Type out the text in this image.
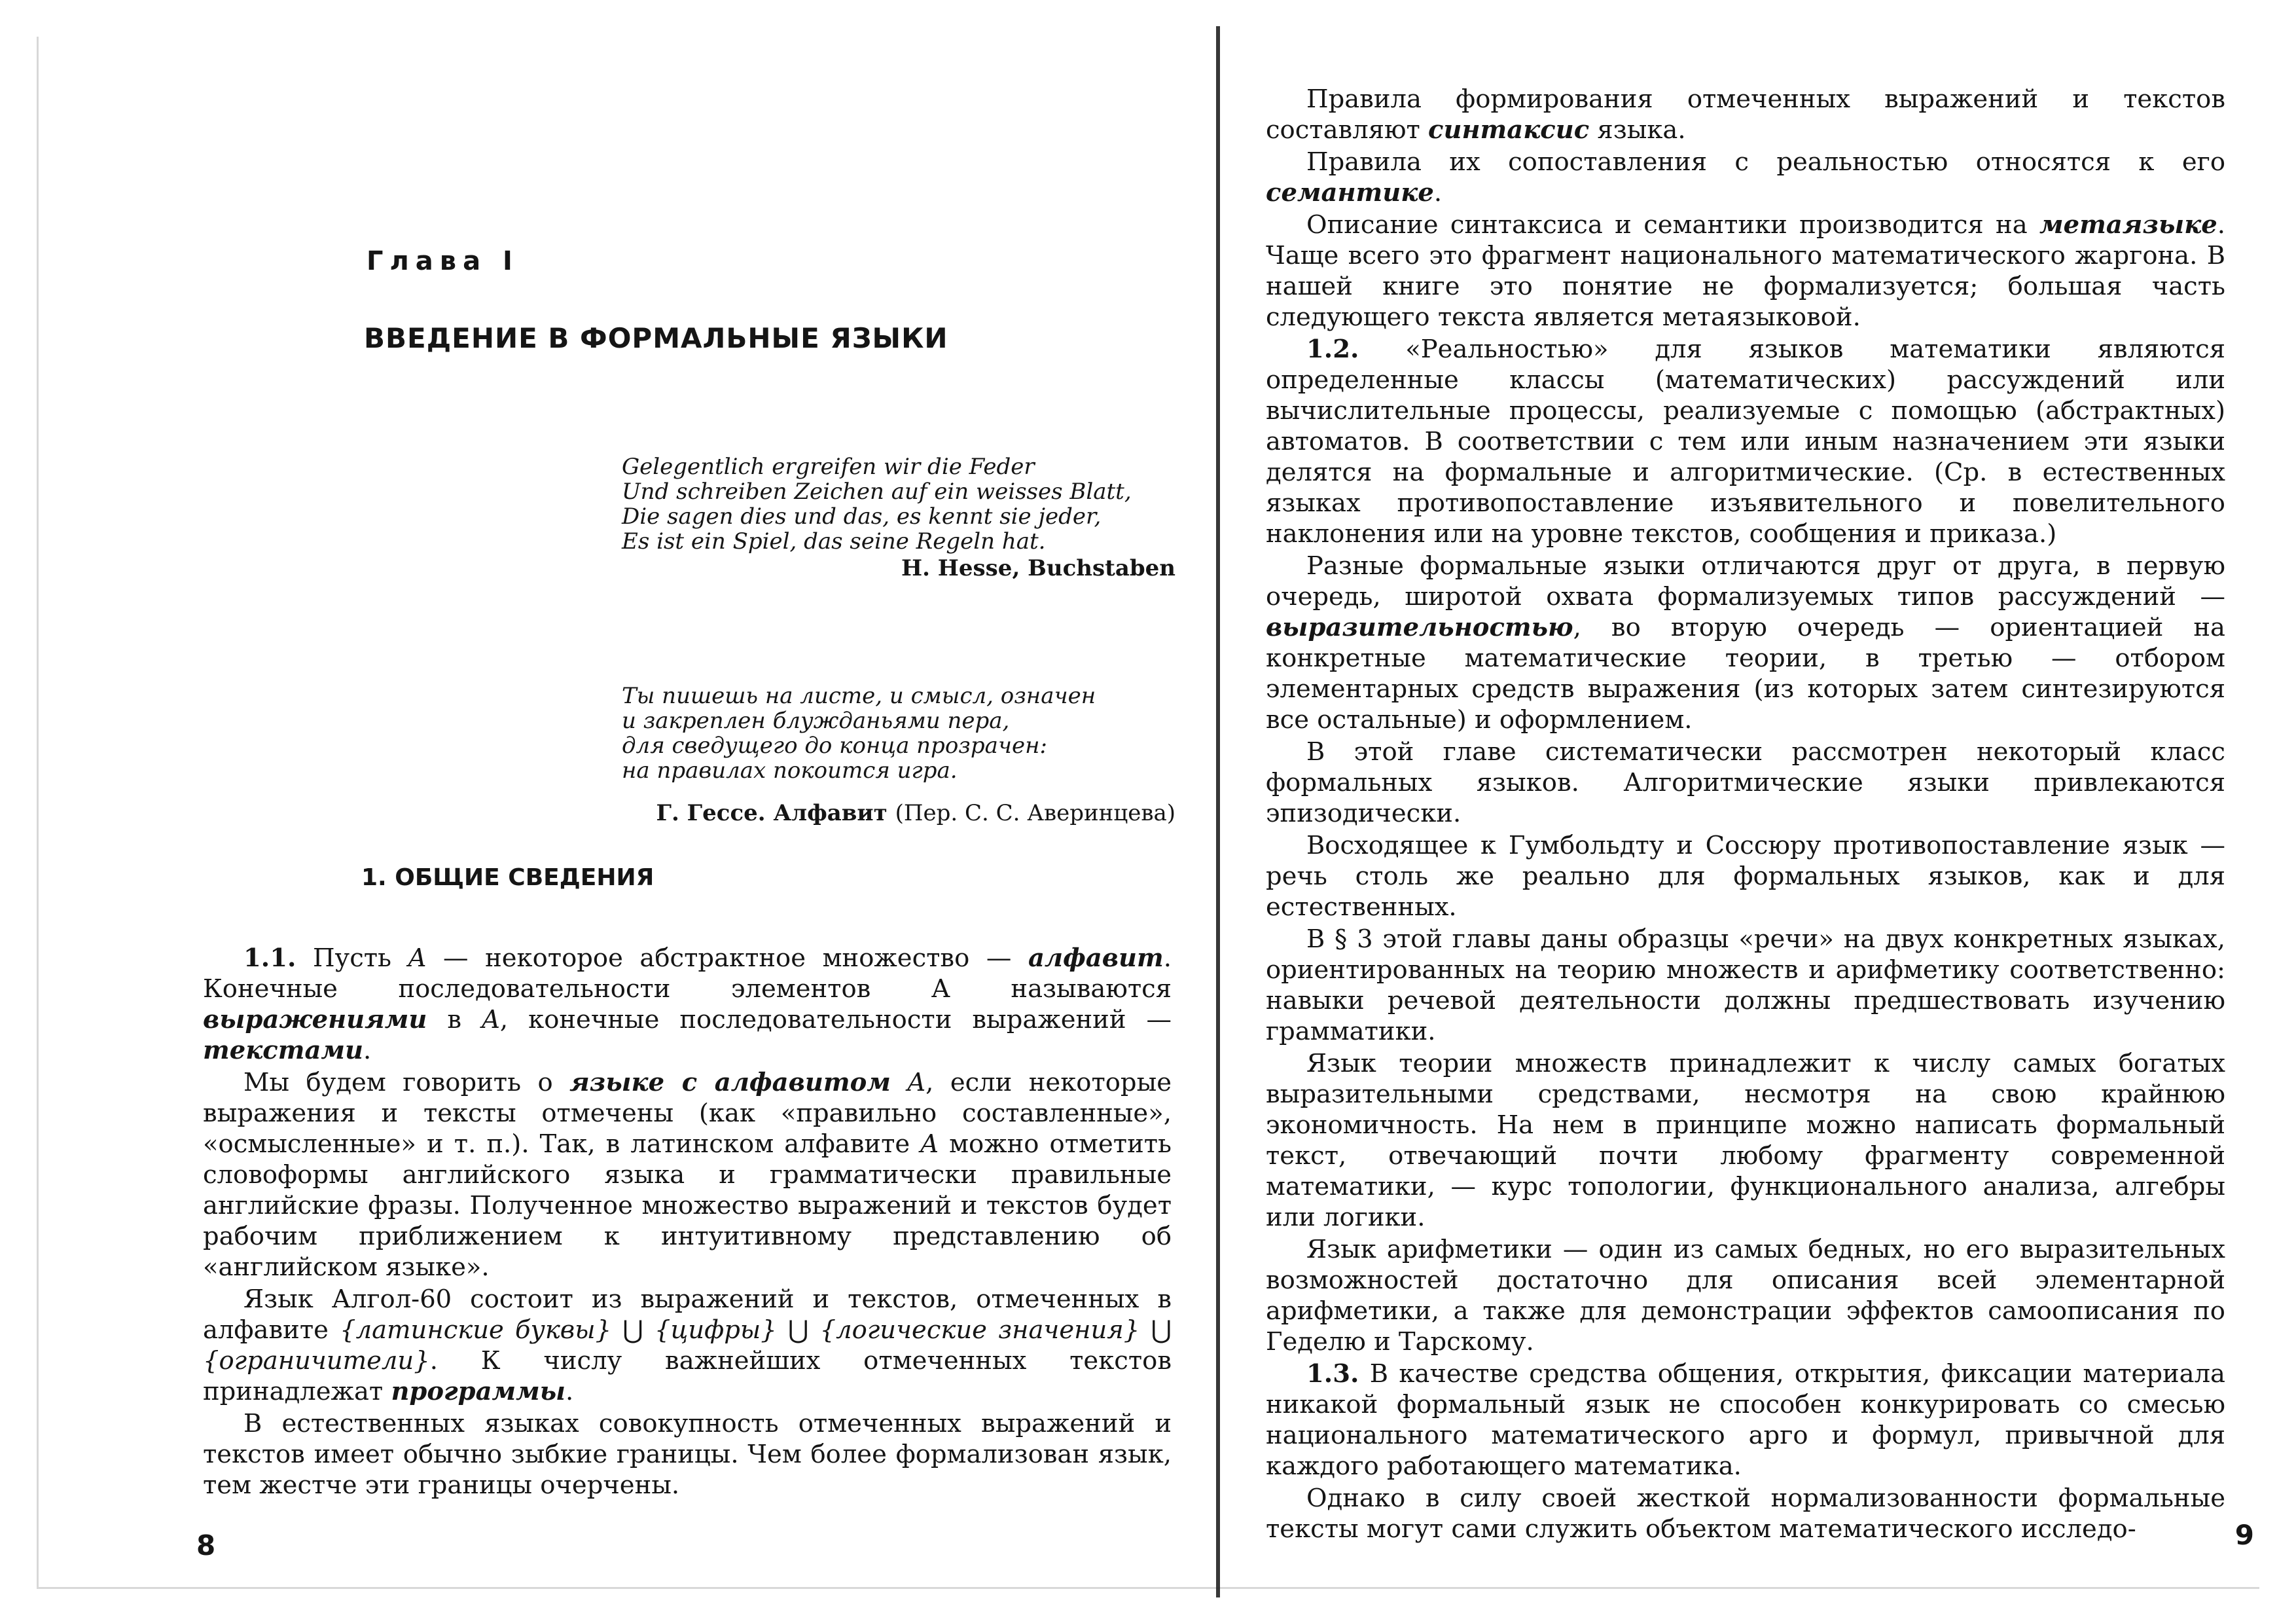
Глава I
ВВЕДЕНИЕ В ФОРМАЛЬНЫЕ ЯЗЫКИ
Gelegentlich ergreifen wir die Feder
Und schreiben Zeichen auf ein weisses Blatt,
Die sagen dies und das, es kennt sie jeder,
Es ist ein Spiel, das seine Regeln hat.
H. Hesse, Buchstaben
Ты пишешь на листе, и смысл, означен
и закреплен блужданьями пера,
для сведущего до конца прозрачен:
на правилах покоится игра.
Г. Гессе. Алфавит (Пер. С. С. Аверинцева)
1. ОБЩИЕ СВЕДЕНИЯ

1.1. Пусть A — некоторое абстрактное множество — алфавит. Конечные последовательности элементов А называются выражениями в A, конечные последовательности выражений — текстами.

Мы будем говорить о языке с алфавитом A, если некоторые выражения и тексты отмечены (как «правильно составленные», «осмысленные» и т. п.). Так, в латинском алфавите A можно отметить словоформы английского языка и грамматически правильные английские фразы. Полученное множество выражений и текстов будет рабочим приближением к интуитивному представлению об «английском языке».

Язык Алгол-60 состоит из выражений и текстов, отмеченных в алфавите {латинские буквы} ⋃ {цифры} ⋃ {логические значения} ⋃ {ограничители}. К числу важнейших отмеченных текстов принадлежат программы.

В естественных языках совокупность отмеченных выражений и текстов имеет обычно зыбкие границы. Чем более формализован язык, тем жестче эти границы очерчены.

8

Правила формирования отмеченных выражений и текстов составляют синтаксис языка.

Правила их сопоставления с реальностью относятся к его семантике.

Описание синтаксиса и семантики производится на метаязыке. Чаще всего это фрагмент национального математического жаргона. В нашей книге это понятие не формализуется; большая часть следующего текста является метаязыковой.

1.2. «Реальностью» для языков математики являются определенные классы (математических) рассуждений или вычислительные процессы, реализуемые с помощью (абстрактных) автоматов. В соответствии с тем или иным назначением эти языки делятся на формальные и алгоритмические. (Ср. в естественных языках противопоставление изъявительного и повелительного наклонения или на уровне текстов, сообщения и приказа.)

Разные формальные языки отличаются друг от друга, в первую очередь, широтой охвата формализуемых типов рассуждений — выразительностью, во вторую очередь — ориентацией на конкретные математические теории, в третью — отбором элементарных средств выражения (из которых затем синтезируются все остальные) и оформлением.

В этой главе систематически рассмотрен некоторый класс формальных языков. Алгоритмические языки привлекаются эпизодически.

Восходящее к Гумбольдту и Соссюру противопоставление язык — речь столь же реально для формальных языков, как и для естественных.

В § 3 этой главы даны образцы «речи» на двух конкретных языках, ориентированных на теорию множеств и арифметику соответственно: навыки речевой деятельности должны предшествовать изучению грамматики.

Язык теории множеств принадлежит к числу самых богатых выразительными средствами, несмотря на свою крайнюю экономичность. На нем в принципе можно написать формальный текст, отвечающий почти любому фрагменту современной математики, — курс топологии, функционального анализа, алгебры или логики.

Язык арифметики — один из самых бедных, но его выразительных возможностей достаточно для описания всей элементарной арифметики, а также для демонстрации эффектов самоописания по Геделю и Тарскому.

1.3. В качестве средства общения, открытия, фиксации материала никакой формальный язык не способен конкурировать со смесью национального математического арго и формул, привычной для каждого работающего математика.

Однако в силу своей жесткой нормализованности формальные тексты могут сами служить объектом математического исследо-	9
